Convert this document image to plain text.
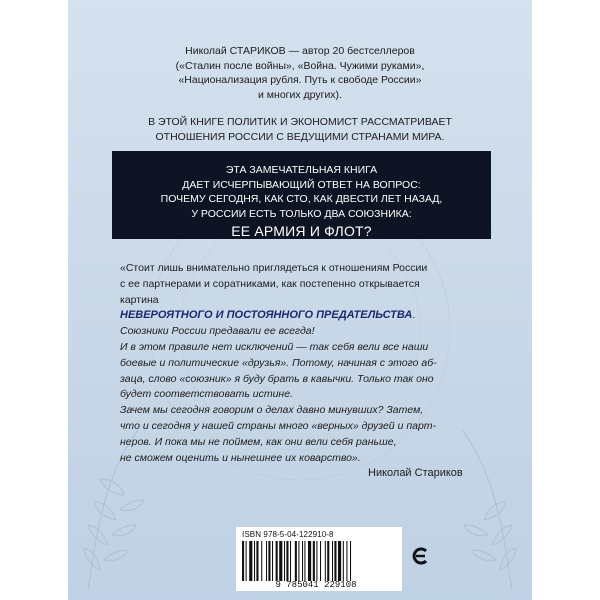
Николай СТАРИКОВ — автор 20 бестселлеров
(«Сталин после войны», «Война. Чужими руками»,
«Национализация рубля. Путь к свободе России»
и многих других).
В ЭТОЙ КНИГЕ ПОЛИТИК И ЭКОНОМИСТ РАССМАТРИВАЕТ
ОТНОШЕНИЯ РОССИИ С ВЕДУЩИМИ СТРАНАМИ МИРА.
ЭТА ЗАМЕЧАТЕЛЬНАЯ КНИГА
ДАЕТ ИСЧЕРПЫВАЮЩИЙ ОТВЕТ НА ВОПРОС:
ПОЧЕМУ СЕГОДНЯ, КАК СТО, КАК ДВЕСТИ ЛЕТ НАЗАД,
У РОССИИ ЕСТЬ ТОЛЬКО ДВА СОЮЗНИКА:
ЕЕ АРМИЯ И ФЛОТ?
«Стоит лишь внимательно приглядеться к отношениям России
с ее партнерами и соратниками, как постепенно открывается
картина
НЕВЕРОЯТНОГО И ПОСТОЯННОГО ПРЕДАТЕЛЬСТВА.
Союзники России предавали ее всегда!
И в этом правиле нет исключений — так себя вели все наши
боевые и политические «друзья». Потому, начиная с этого аб-
заца, слово «союзник» я буду брать в кавычки. Только так оно
будет соответствовать истине.
Зачем мы сегодня говорим о делах давно минувших? Затем,
что и сегодня у нашей страны много «верных» друзей и парт-
неров. И пока мы не поймем, как они вели себя раньше,
не сможем оценить и нынешнее их коварство».
Николай Стариков
ISBN 978-5-04-122910-8
9 785041 229108
